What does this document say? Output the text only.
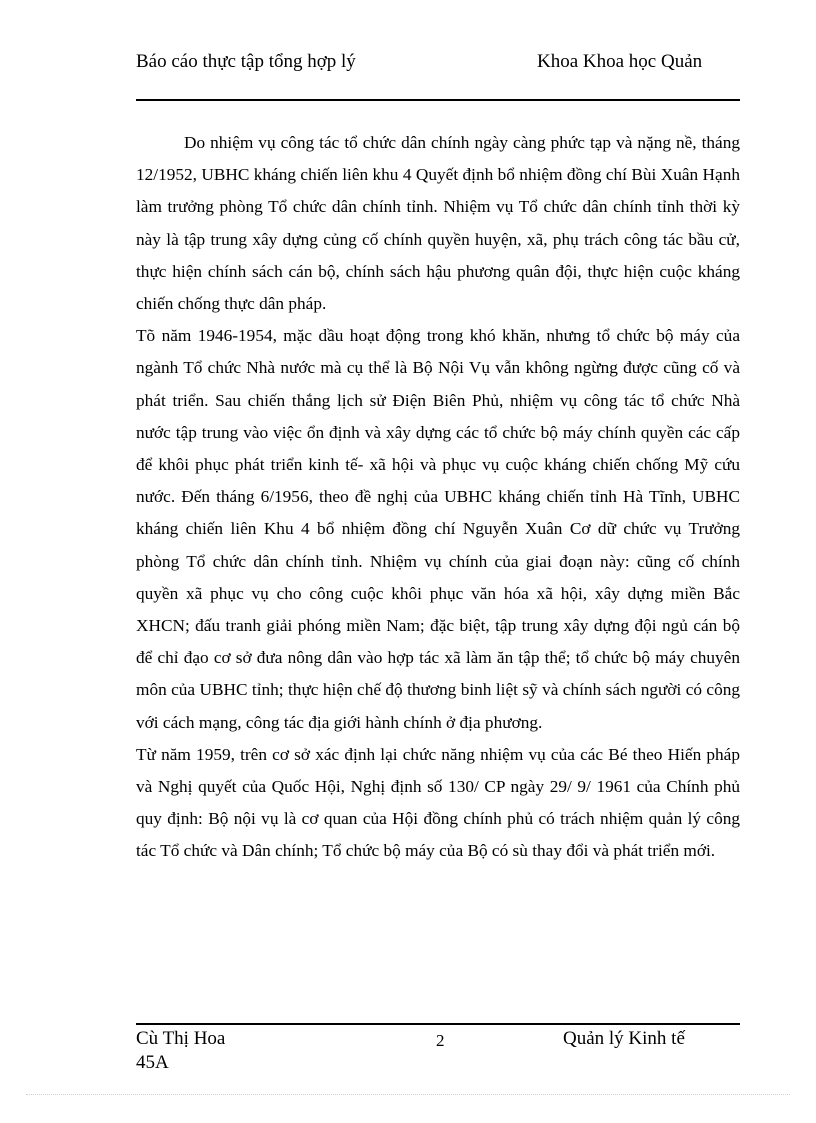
Báo cáo thực tập tổng hợp lý	Khoa Khoa học Quản

Do nhiệm vụ công tác tổ chức dân chính ngày càng phức tạp và nặng nề, tháng 12/1952, UBHC kháng chiến liên khu 4 Quyết định bổ nhiệm đồng chí Bùi Xuân Hạnh làm trưởng phòng Tổ chức dân chính tỉnh. Nhiệm vụ Tổ chức dân chính tỉnh thời kỳ này là tập trung xây dựng củng cố chính quyền huyện, xã, phụ trách công tác bầu cử, thực hiện chính sách cán bộ, chính sách hậu phương quân đội, thực hiện cuộc kháng chiến chống thực dân pháp.

Tõ năm 1946-1954, mặc dầu hoạt động trong khó khăn, nhưng tổ chức bộ máy của ngành Tổ chức Nhà nước mà cụ thể là Bộ Nội Vụ vẫn không ngừng được cũng cố và phát triển. Sau chiến thắng lịch sử Điện Biên Phủ, nhiệm vụ công tác tổ chức Nhà nước tập trung vào việc ổn định và xây dựng các tổ chức bộ máy chính quyền các cấp để khôi phục phát triển kinh tế- xã hội và phục vụ cuộc kháng chiến chống Mỹ cứu nước. Đến tháng 6/1956, theo đề nghị của UBHC kháng chiến tỉnh Hà Tĩnh, UBHC kháng chiến liên Khu 4 bổ nhiệm đồng chí Nguyễn Xuân Cơ dữ chức vụ Trưởng phòng Tổ chức dân chính tỉnh. Nhiệm vụ chính của giai đoạn này: cũng cố chính quyền xã phục vụ cho công cuộc khôi phục văn hóa xã hội, xây dựng miền Bắc XHCN; đấu tranh giải phóng miền Nam; đặc biệt, tập trung xây dựng đội ngủ cán bộ để chỉ đạo cơ sở đưa nông dân vào hợp tác xã làm ăn tập thể; tổ chức bộ máy chuyên môn của UBHC tỉnh; thực hiện chế độ thương binh liệt sỹ và chính sách người có công với cách mạng, công tác địa giới hành chính ở địa phương.

Từ năm 1959, trên cơ sở xác định lại chức năng nhiệm vụ của các Bé theo Hiến pháp và Nghị quyết của Quốc Hội, Nghị định số 130/ CP ngày 29/ 9/ 1961 của Chính phủ quy định: Bộ nội vụ là cơ quan của Hội đồng chính phủ có trách nhiệm quản lý công tác Tổ chức và Dân chính; Tổ chức bộ máy của Bộ có sù thay đổi và phát triển mới.

Cù Thị Hoa 45A
2	Quản lý Kinh tế
